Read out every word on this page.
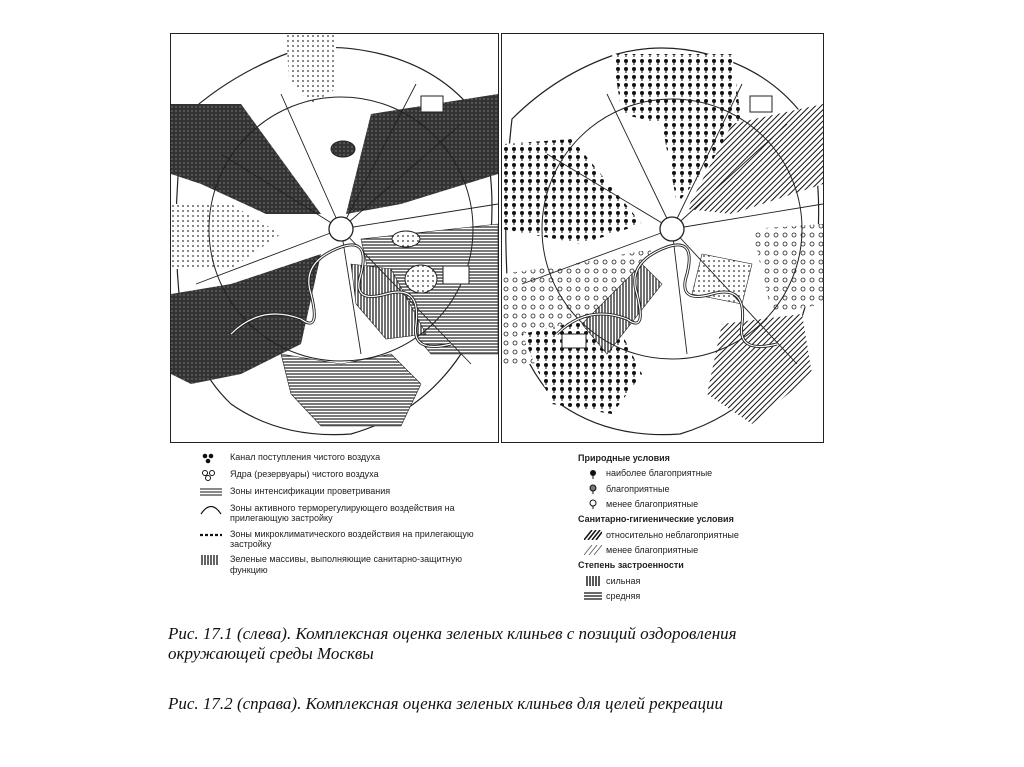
Канал поступления чистого воздуха
Ядра (резервуары) чистого воздуха
Зоны интенсификации проветривания
Зоны активного терморегулирующего воздействия на прилегающую застройку
Зоны микроклиматического воздействия на прилегающую застройку
Зеленые массивы, выполняющие санитарно-защитную функцию
Природные условия
наиболее благоприятные
благоприятные
менее благоприятные
Санитарно-гигиенические условия
относительно неблагоприятные
менее благоприятные
Степень застроенности
сильная
средняя
Рис. 17.1 (слева). Комплексная оценка зеленых клиньев с позиций оздоровления окружающей среды Москвы
Рис. 17.2 (справа). Комплексная оценка зеленых клиньев для целей рекреации
